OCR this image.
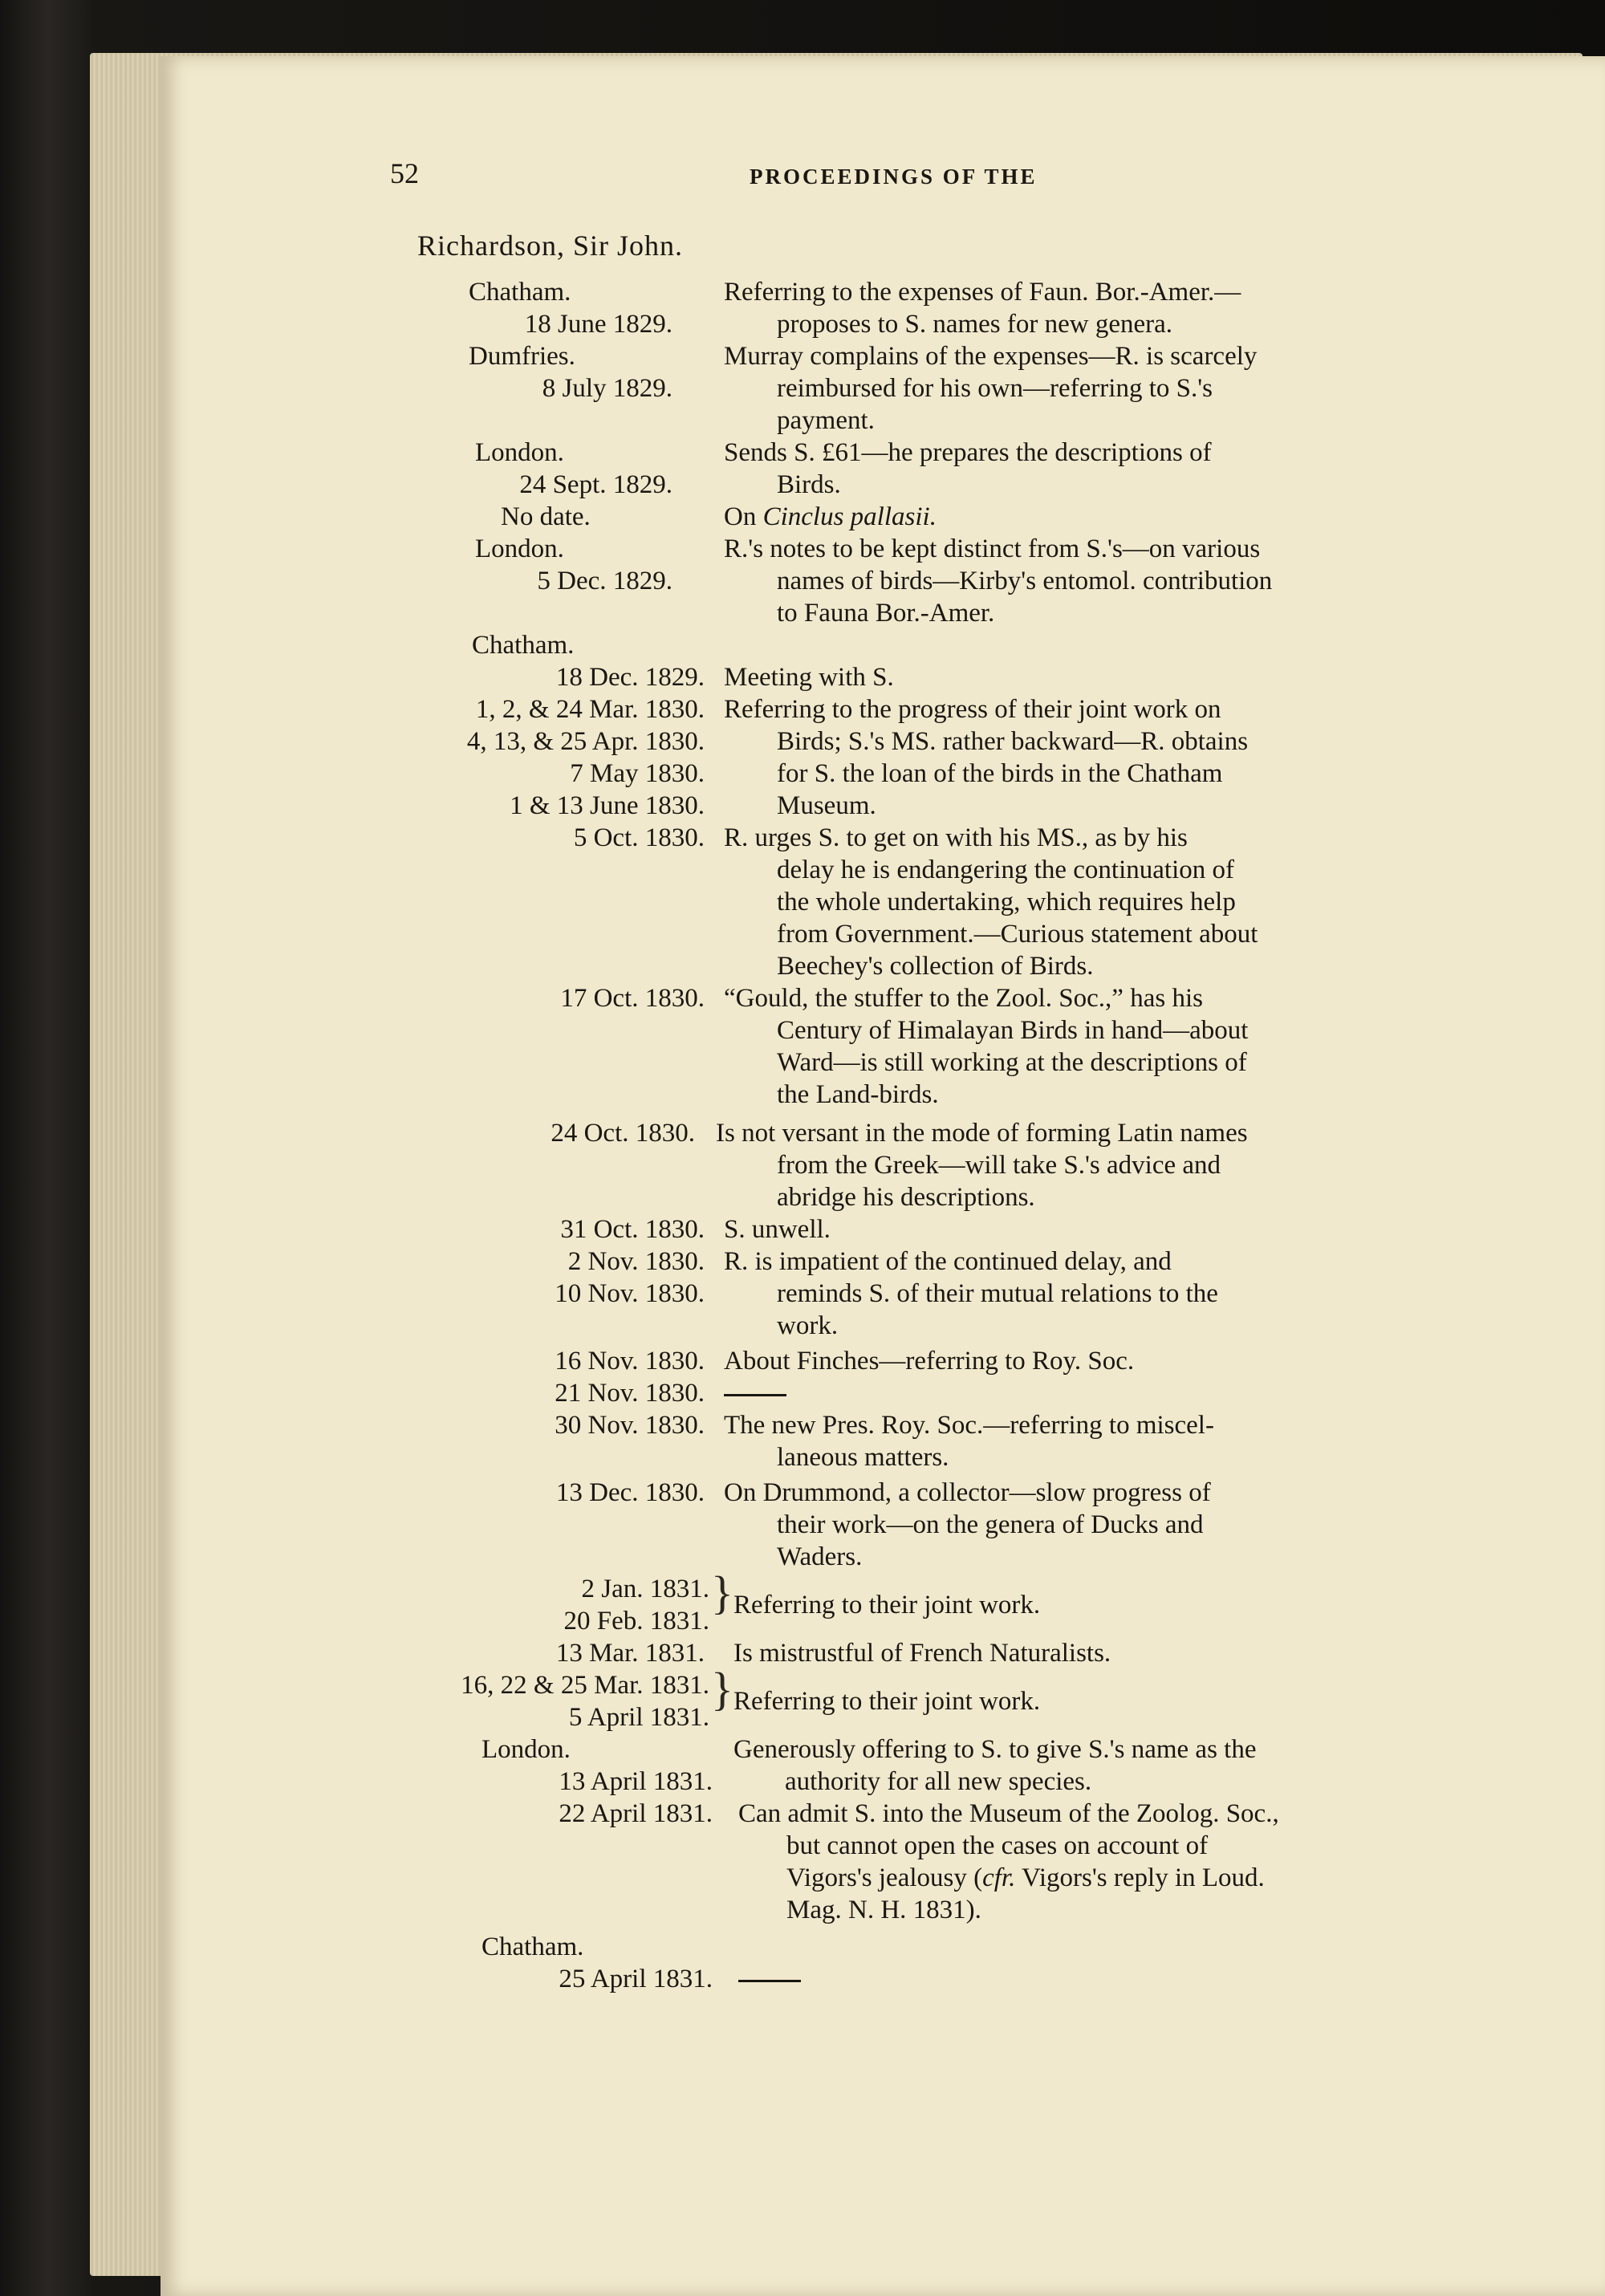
52	PROCEEDINGS OF THE
Richardson, Sir John.
Chatham.
18 June 1829.
Referring to the expenses of Faun. Bor.-Amer.—
proposes to S. names for new genera.
Dumfries.
8 July 1829.
Murray complains of the expenses—R. is scarcely
reimbursed for his own—referring to S.'s
payment.
London.
24 Sept. 1829.
Sends S. £61—he prepares the descriptions of
Birds.
No date.	On Cinclus pallasii.
London.
5 Dec. 1829.
R.'s notes to be kept distinct from S.'s—on various
names of birds—Kirby's entomol. contribution
to Fauna Bor.-Amer.
Chatham.
18 Dec. 1829. Meeting with S.
1, 2, & 24 Mar. 1830.
4, 13, & 25 Apr. 1830.
7 May 1830.
1 & 13 June 1830.
Referring to the progress of their joint work on
Birds; S.'s MS. rather backward—R. obtains
for S. the loan of the birds in the Chatham
Museum.
5 Oct. 1830. R. urges S. to get on with his MS., as by his
delay he is endangering the continuation of
the whole undertaking, which requires help
from Government.—Curious statement about
Beechey's collection of Birds.
17 Oct. 1830. “Gould, the stuffer to the Zool. Soc.,” has his
Century of Himalayan Birds in hand—about
Ward—is still working at the descriptions of
the Land-birds.
24 Oct. 1830. Is not versant in the mode of forming Latin names
from the Greek—will take S.'s advice and
abridge his descriptions.
31 Oct. 1830. S. unwell.
2 Nov. 1830.
10 Nov. 1830.
R. is impatient of the continued delay, and
reminds S. of their mutual relations to the
work.
16 Nov. 1830. About Finches—referring to Roy. Soc.
21 Nov. 1830.
30 Nov. 1830. The new Pres. Roy. Soc.—referring to miscel-
laneous matters.
13 Dec. 1830. On Drummond, a collector—slow progress of
their work—on the genera of Ducks and
Waders.
2 Jan. 1831.
20 Feb. 1831.
} Referring to their joint work.
13 Mar. 1831. Is mistrustful of French Naturalists.
16, 22 & 25 Mar. 1831.
5 April 1831.
} Referring to their joint work.
London.
13 April 1831.
Generously offering to S. to give S.'s name as the
authority for all new species.
22 April 1831. Can admit S. into the Museum of the Zoolog. Soc.,
but cannot open the cases on account of
Vigors's jealousy (cfr. Vigors's reply in Loud.
Mag. N. H. 1831).
Chatham.
25 April 1831.
